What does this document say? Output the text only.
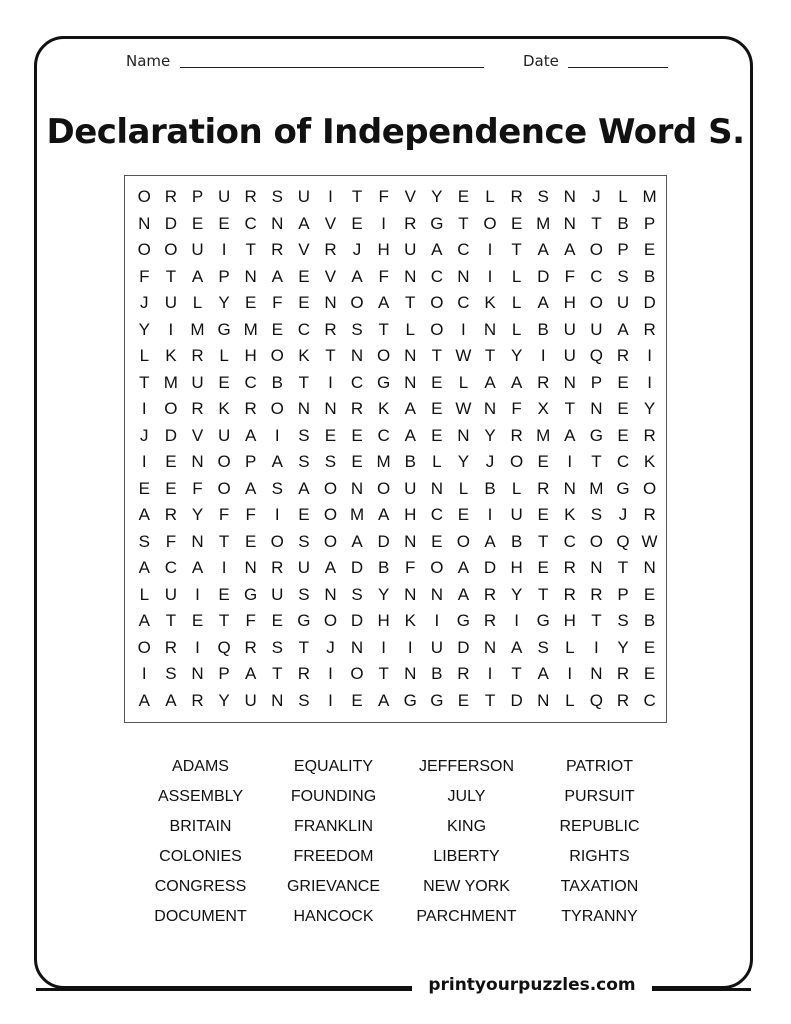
Name	Date
Declaration of Independence Word S.
O R P U R S U	I	T F V Y E L R S N J	L M
N D E E C N A V E	I	R G T O E M N T B P
O O U	I	T R V R J H U A C	I	T A A O P E
F T A P N A E V A F N C N	I	L D F C S B
J U L Y E F E N O A T O C K L A H O U D
Y	I	M G M E C R S T L O	I	N L B U U A R
L K R L H O K T N O N T W T Y	I	U Q R	I
T M U E C B T	I	C G N E L A A R N P E	I
I	O R K R O N N R K A E W N F X T N E Y
J D V U A	I	S E E C A E N Y R M A G E R
I	E N O P A S S E M B L Y J O E	I	T C K
E E F O A S A O N O U N L B L R N M G O
A R Y F F	I	E O M A H C E	I	U E K S J R
S F N T E O S O A D N E O A B T C O Q W
A C A	I	N R U A D B F O A D H E R N T N
L U	I	E G U S N S Y N N A R Y T R R P E
A T E T F E G O D H K	I	G R	I	G H T S B
O R	I	Q R S T	J N	I	I	U D N A S L	I	Y E
I	S N P A T R	I	O T N B R	I	T A	I	N R E
A A R Y U N S	I	E A G G E T D N L Q R C
ADAMS	EQUALITY	JEFFERSON	PATRIOT
ASSEMBLY	FOUNDING	JULY	PURSUIT
BRITAIN	FRANKLIN	KING	REPUBLIC
COLONIES	FREEDOM	LIBERTY	RIGHTS
CONGRESS	GRIEVANCE	NEW YORK	TAXATION
DOCUMENT	HANCOCK	PARCHMENT	TYRANNY
printyourpuzzles.com
